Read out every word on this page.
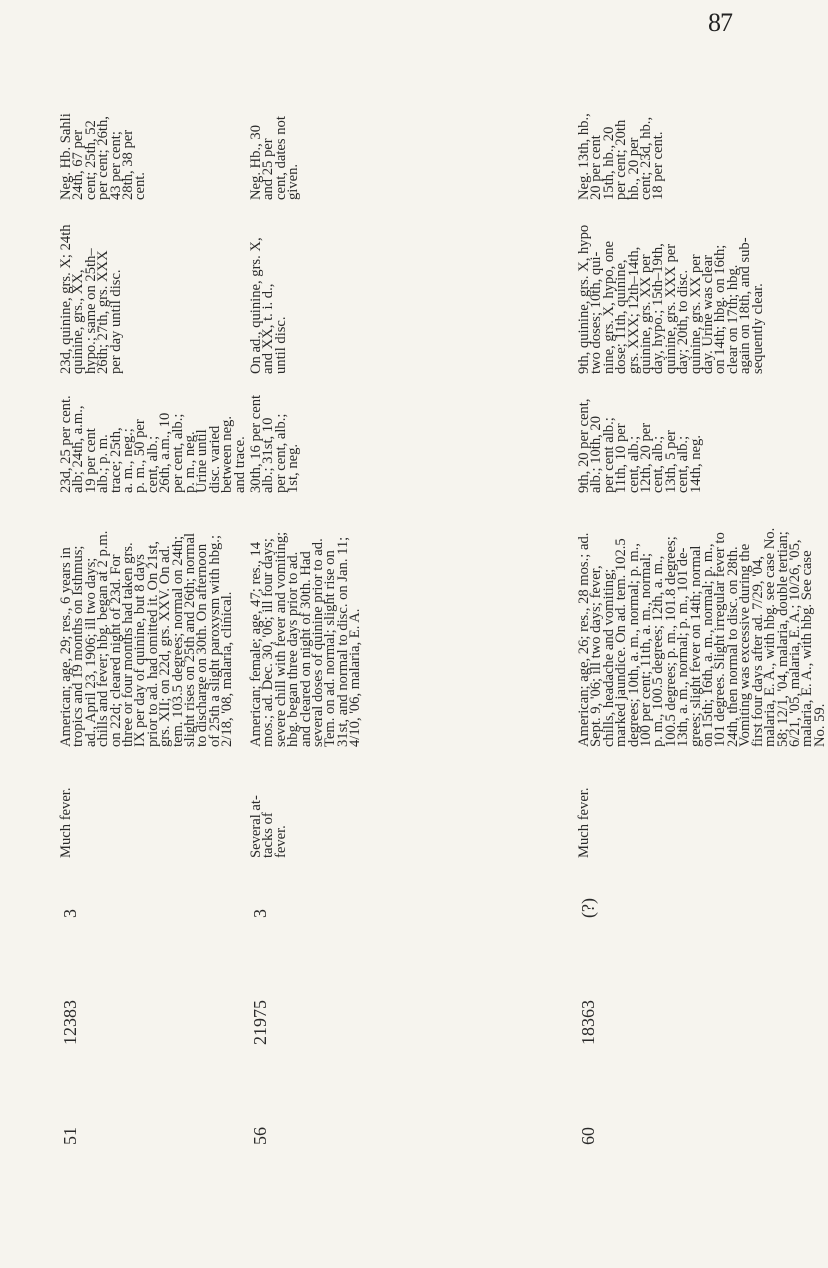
87
51
12383
3
Much fever.
American; age, 29; res., 6 years in
tropics and 19 months on Isthmus;
ad., April 23, 1906; ill two days;
chills and fever; hbg. began at 2 p.m.
on 22d; cleared night of 23d. For
three or four months had taken grs.
IX per day of quinine, but 8 days
prior to ad. had omitted it. On 21st,
grs. XII; on 22d, grs. XXV. On ad.
tem. 103.5 degrees; normal on 24th;
slight rises on 25th and 26th; normal
to discharge on 30th. On afternoon
of 25th a slight paroxysm with hbg.;
2/18, '08, malaria, clinical.
23d, 25 per cent.
alb; 24th, a.m.,
19 per cent
alb.; p. m.
trace; 25th,
a. m., neg.;
p. m., 50 per
cent, alb.;
26th, a.m., 10
per cent, alb.;
p. m., neg.
Urine until
disc. varied
between neg.
and trace.
23d, quinine, grs. X; 24th
quinine, grs., XX,
hypo.; same on 25th–
26th; 27th, grs. XXX
per day until disc.
Neg. Hb. Sahli
24th, 67 per
cent; 25th, 52
per cent; 26th,
43 per cent;
28th, 38 per
cent.
56
21975
3
Several at-
tacks of
fever.
American; female; age, 47; res., 14
mos.; ad. Dec. 30, '06; ill four days;
severe chill with fever and vomiting;
hbg. began three days prior to ad.
and cleared on night of 30th. Had
several doses of quinine prior to ad.
Tem. on ad. normal; slight rise on
31st, and normal to disc. on Jan. 11;
4/10, '06, malaria, E. A.
30th, 16 per cent
alb.; 31st, 10
per cent, alb.;
1st, neg.
On ad., quinine, grs. X,
and XX, t. i. d.,
until disc.
Neg. Hb., 30
and 25 per
cent, dates not
given.
60
18363
(?)
Much fever.
American; age, 26; res., 28 mos.; ad.
Sept. 9, '06; ill two days; fever,
chills, headache and vomiting;
marked jaundice. On ad. tem. 102.5
degrees; 10th, a. m., normal; p. m.,
100 per cent; 11th, a. m., normal;
p. m., 100.5 degrees; 12th, a. m.,
100.5 degrees; p. m., 101.8 degrees;
13th, a. m., normal; p. m., 101 de-
grees; slight fever on 14th; normal
on 15th; 16th, a. m., normal; p. m.,
101 degrees. Slight irregular fever to
24th, then normal to disc. on 28th.
Vomiting was excessive during the
first four days after ad. 7/29, '04,
malaria, E. A., with hbg. see case No.
58; 12/1, '04, malaria, double tertian;
6/21, '05, malaria, E. A.; 10/26, '05,
malaria, E. A., with hbg. See case
No. 59.
9th, 20 per cent,
alb.; 10th, 20
per cent alb.;
11th, 10 per
cent, alb.;
12th, 20 per
cent, alb.;
13th, 5 per
cent, alb.;
14th, neg.
9th, quinine, grs. X, hypo
two doses; 10th, qui-
nine, grs. X, hypo, one
dose; 11th, quinine,
grs. XXX; 12th–14th,
quinine, grs. XX per
day, hypo.; 15th–19th,
quinine, grs. XXX per
day; 20th, to disc.
quinine, grs. XX per
day. Urine was clear
on 14th; hbg. on 16th;
clear on 17th; hbg.
again on 18th, and sub-
sequently clear.
Neg. 13th, hb.,
20 per cent
15th, hb., 20
per cent; 20th
hb., 20 per
cent; 23d, hb.,
18 per cent.
